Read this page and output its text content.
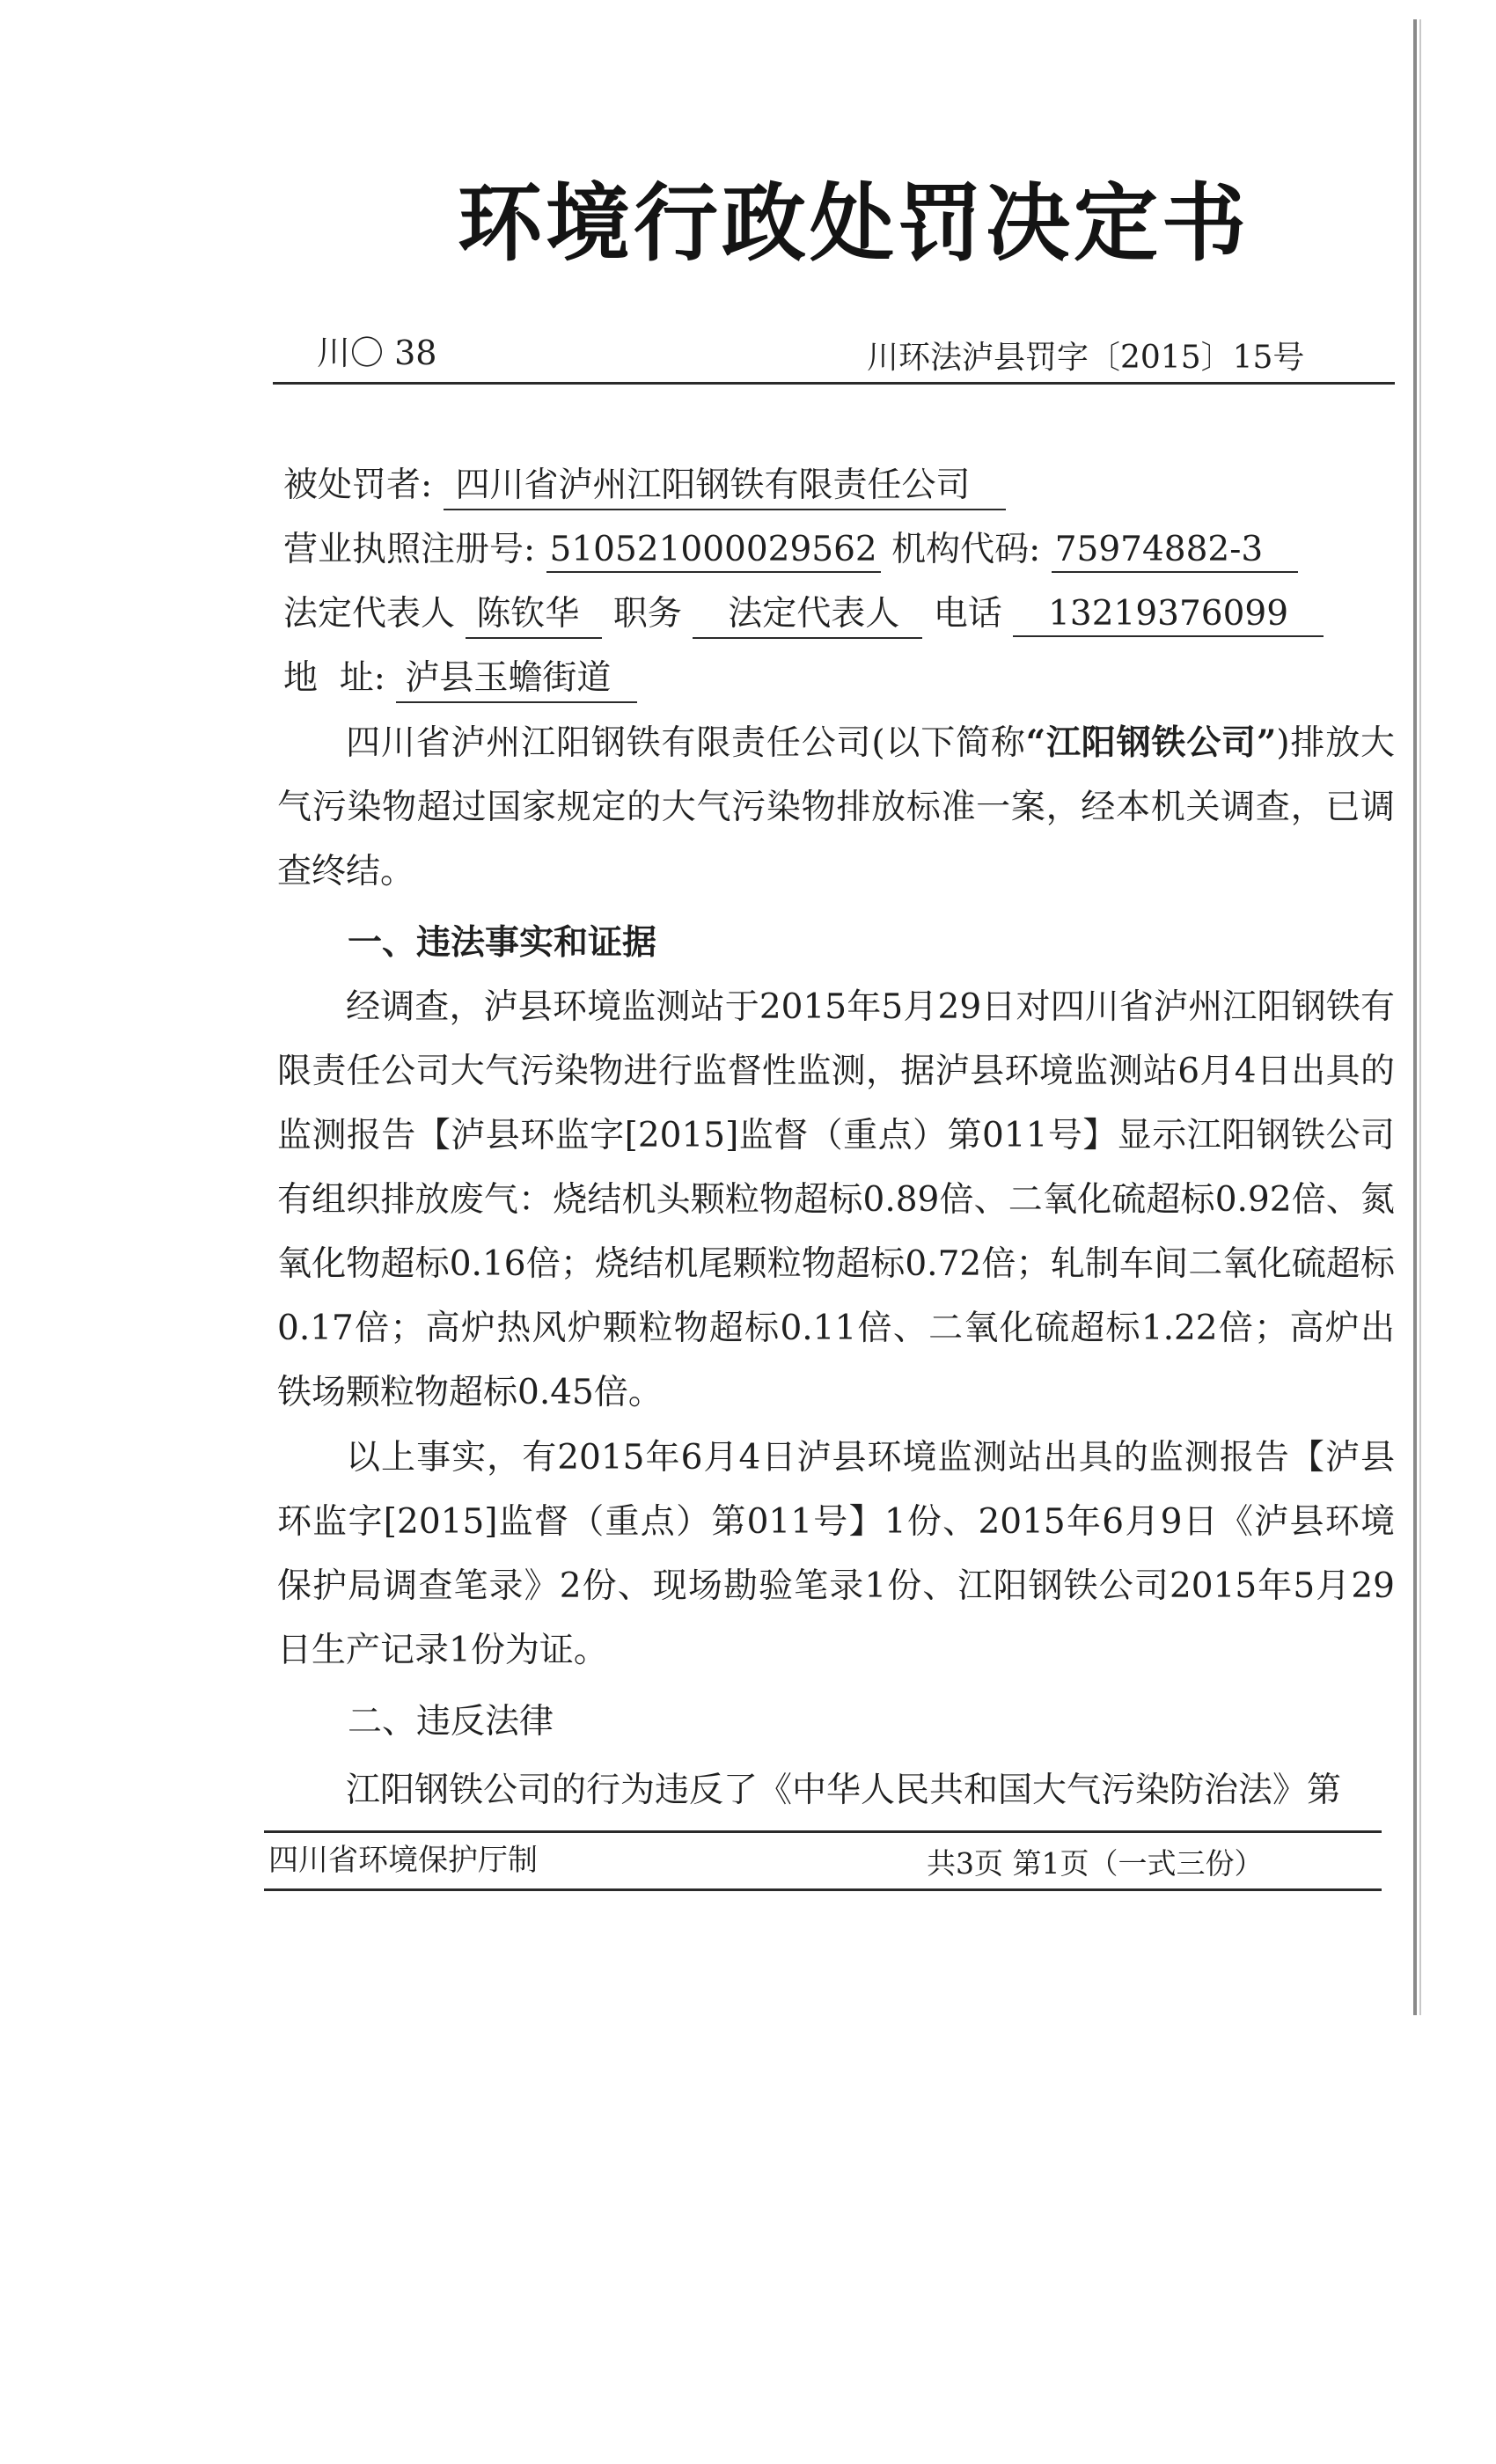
环境行政处罚决定书
川〇 38	川环法泸县罚字〔2015〕15号
被处罚者: 四川省泸州江阳钢铁有限责任公司
营业执照注册号: 510521000029562 机构代码: 75974882-3
法定代表人 陈钦华 职务 法定代表人 电话 13219376099
地  址: 泸县玉蟾街道
四川省泸州江阳钢铁有限责任公司(以下简称“江阳钢铁公司”)排放大气污染物超过国家规定的大气污染物排放标准一案，经本机关调查，已调查终结。
一、违法事实和证据
经调查，泸县环境监测站于2015年5月29日对四川省泸州江阳钢铁有限责任公司大气污染物进行监督性监测，据泸县环境监测站6月4日出具的监测报告【泸县环监字[2015]监督（重点）第011号】显示江阳钢铁公司有组织排放废气：烧结机头颗粒物超标0.89倍、二氧化硫超标0.92倍、氮氧化物超标0.16倍；烧结机尾颗粒物超标0.72倍；轧制车间二氧化硫超标0.17倍；高炉热风炉颗粒物超标0.11倍、二氧化硫超标1.22倍；高炉出铁场颗粒物超标0.45倍。
以上事实，有2015年6月4日泸县环境监测站出具的监测报告【泸县环监字[2015]监督（重点）第011号】1份、2015年6月9日《泸县环境保护局调查笔录》2份、现场勘验笔录1份、江阳钢铁公司2015年5月29日生产记录1份为证。
二、违反法律
江阳钢铁公司的行为违反了《中华人民共和国大气污染防治法》第
四川省环境保护厅制	共3页 第1页（一式三份）
